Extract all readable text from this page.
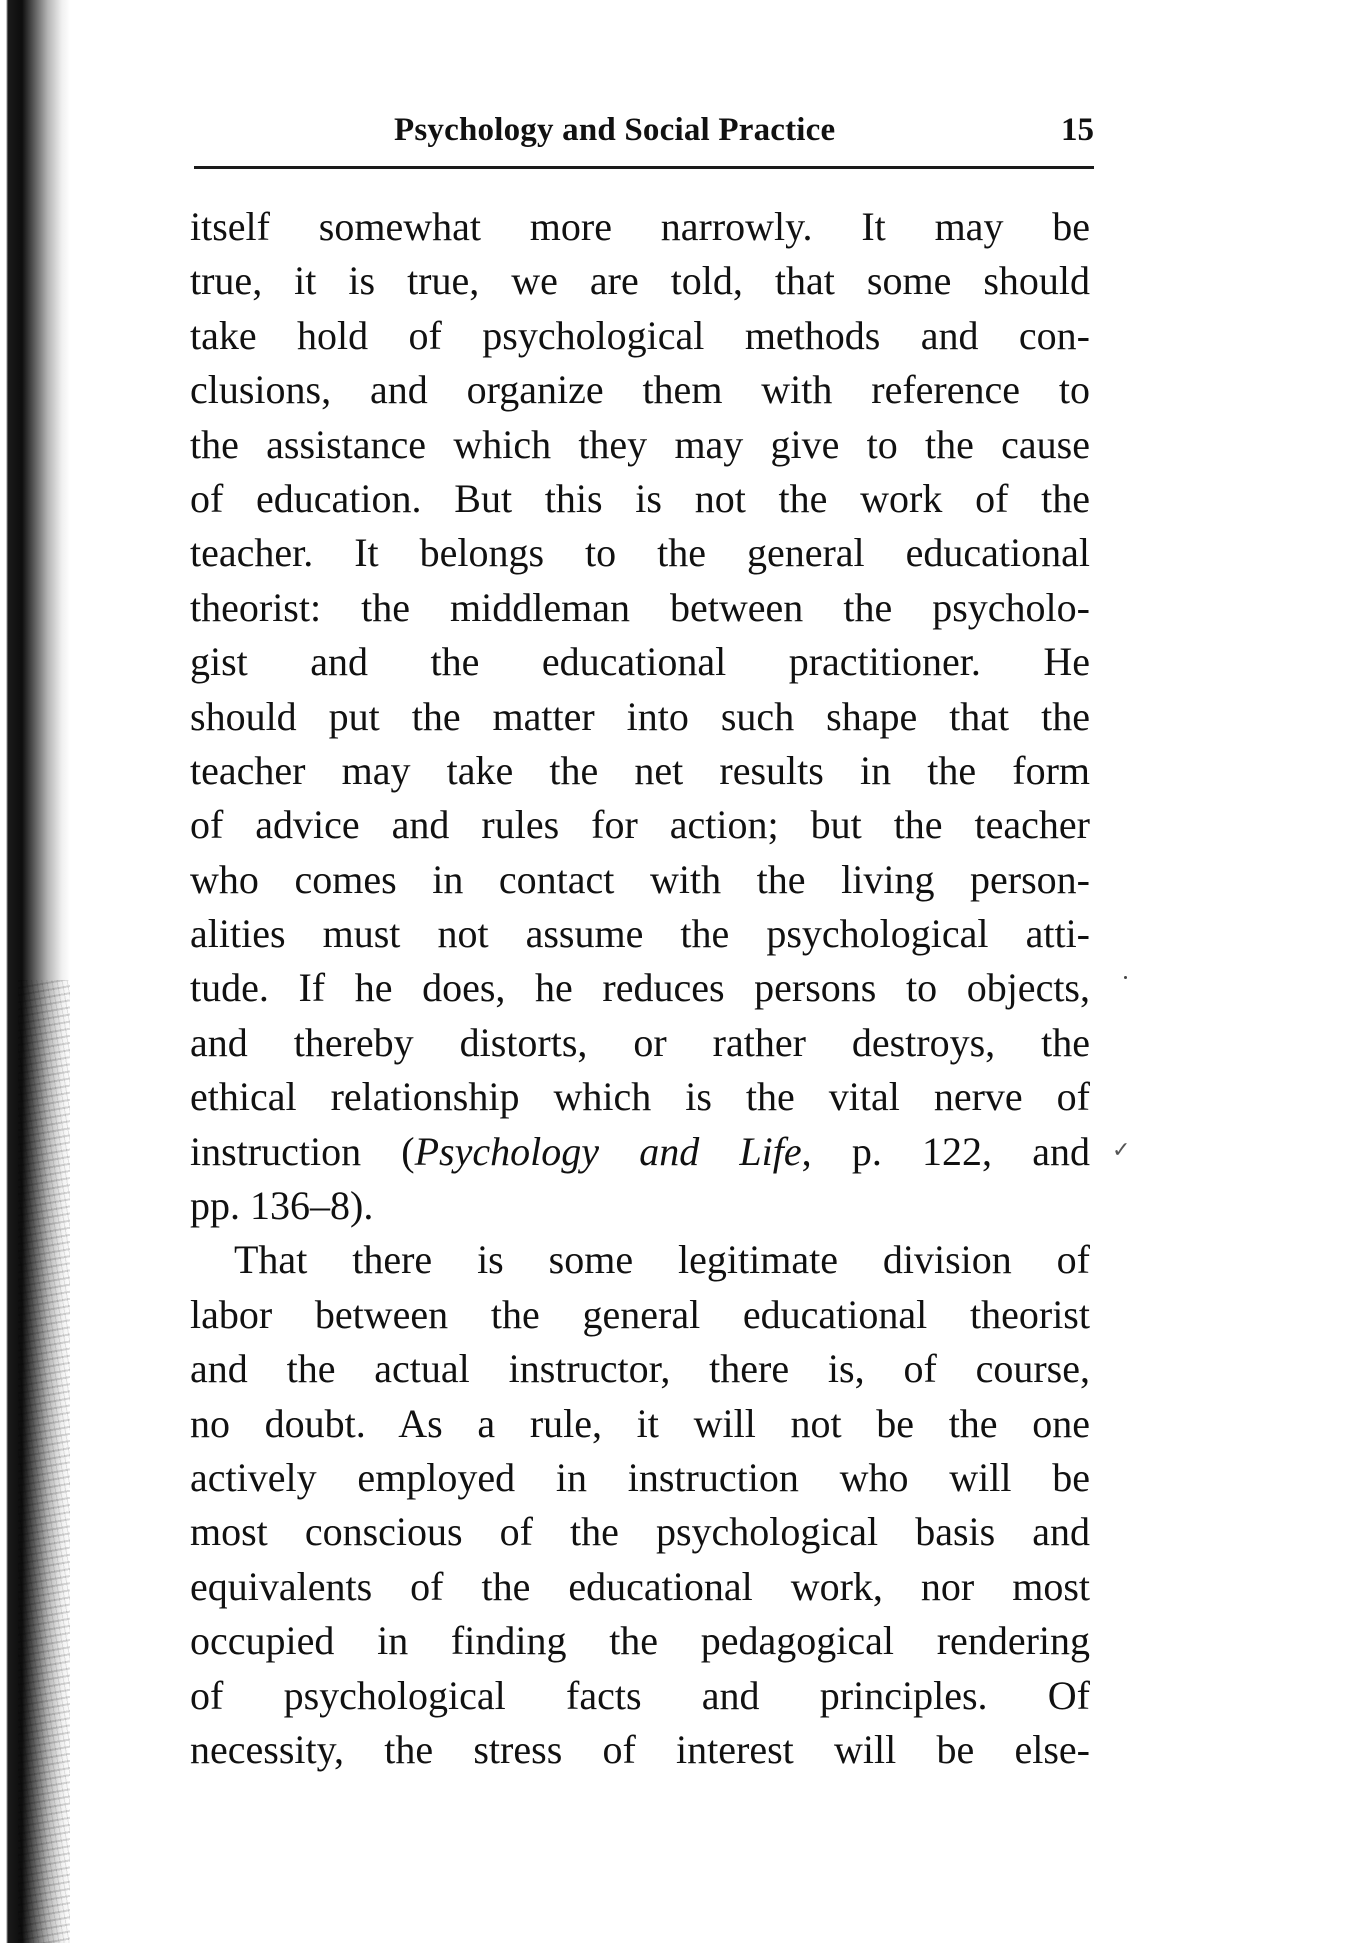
Psychology and Social Practice	15
itself somewhat more narrowly. It may be
true, it is true, we are told, that some should
take hold of psychological methods and con-
clusions, and organize them with reference to
the assistance which they may give to the cause
of education. But this is not the work of the
teacher. It belongs to the general educational
theorist: the middleman between the psycholo-
gist and the educational practitioner. He
should put the matter into such shape that the
teacher may take the net results in the form
of advice and rules for action; but the teacher
who comes in contact with the living person-
alities must not assume the psychological atti-
tude. If he does, he reduces persons to objects,
and thereby distorts, or rather destroys, the
ethical relationship which is the vital nerve of
instruction (Psychology and Life, p. 122, and
pp. 136–8).
That there is some legitimate division of
labor between the general educational theorist
and the actual instructor, there is, of course,
no doubt. As a rule, it will not be the one
actively employed in instruction who will be
most conscious of the psychological basis and
equivalents of the educational work, nor most
occupied in finding the pedagogical rendering
of psychological facts and principles. Of
necessity, the stress of interest will be else-
✓
